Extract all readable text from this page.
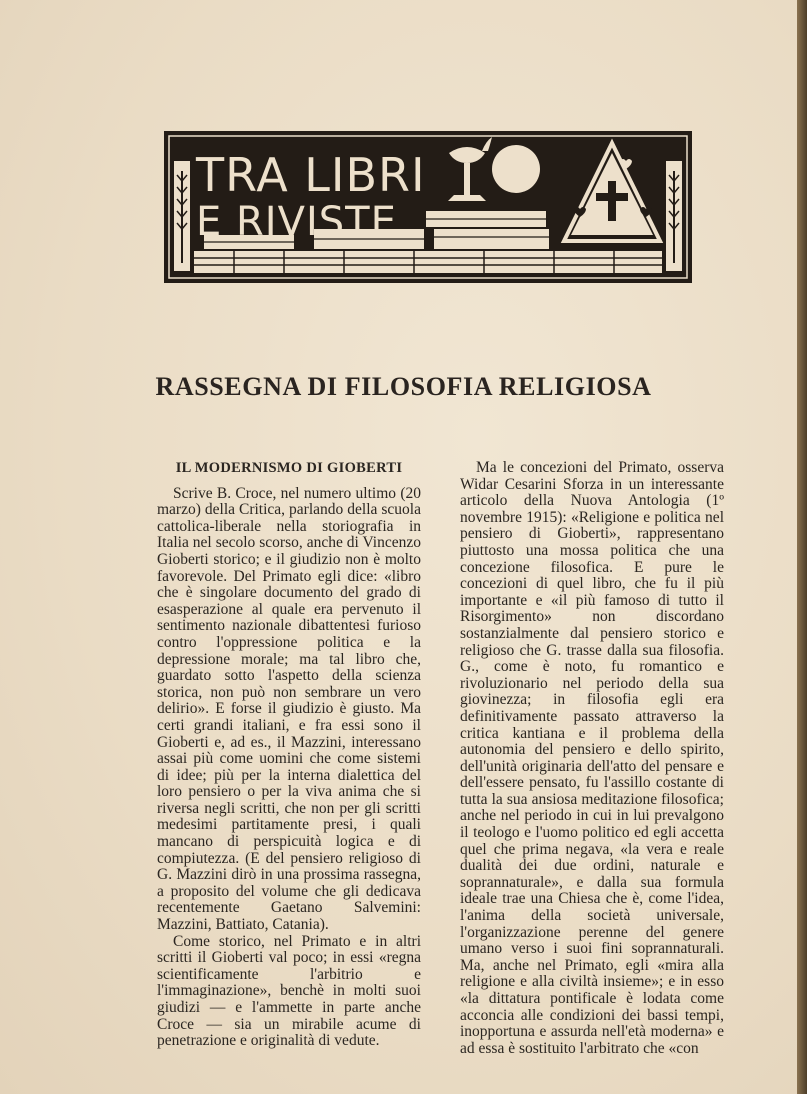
TRA LIBRI
E RIVISTE
RASSEGNA DI FILOSOFIA RELIGIOSA
IL MODERNISMO DI GIOBERTI

Scrive B. Croce, nel numero ultimo (20 marzo) della Critica, parlando della scuola cattolica-liberale nella storiografia in Italia nel secolo scorso, anche di Vincenzo Gioberti storico; e il giudizio non è molto favorevole. Del Primato egli dice: «libro che è singolare documento del grado di esasperazione al quale era pervenuto il sentimento nazionale dibattentesi furioso contro l'oppressione politica e la depressione morale; ma tal libro che, guardato sotto l'aspetto della scienza storica, non può non sembrare un vero delirio». E forse il giudizio è giusto. Ma certi grandi italiani, e fra essi sono il Gioberti e, ad es., il Mazzini, interessano assai più come uomini che come sistemi di idee; più per la interna dialettica del loro pensiero o per la viva anima che si riversa negli scritti, che non per gli scritti medesimi partitamente presi, i quali mancano di perspicuità logica e di compiutezza. (E del pensiero religioso di G. Mazzini dirò in una prossima rassegna, a proposito del volume che gli dedicava recentemente Gaetano Salvemini: Mazzini, Battiato, Catania).

Come storico, nel Primato e in altri scritti il Gioberti val poco; in essi «regna scientificamente l'arbitrio e l'immaginazione», benchè in molti suoi giudizi — e l'ammette in parte anche Croce — sia un mirabile acume di penetrazione e originalità di vedute.

Ma le concezioni del Primato, osserva Widar Cesarini Sforza in un interessante articolo della Nuova Antologia (1º novembre 1915): «Religione e politica nel pensiero di Gioberti», rappresentano piuttosto una mossa politica che una concezione filosofica. E pure le concezioni di quel libro, che fu il più importante e «il più famoso di tutto il Risorgimento» non discordano sostanzialmente dal pensiero storico e religioso che G. trasse dalla sua filosofia. G., come è noto, fu romantico e rivoluzionario nel periodo della sua giovinezza; in filosofia egli era definitivamente passato attraverso la critica kantiana e il problema della autonomia del pensiero e dello spirito, dell'unità originaria dell'atto del pensare e dell'essere pensato, fu l'assillo costante di tutta la sua ansiosa meditazione filosofica; anche nel periodo in cui in lui prevalgono il teologo e l'uomo politico ed egli accetta quel che prima negava, «la vera e reale dualità dei due ordini, naturale e soprannaturale», e dalla sua formula ideale trae una Chiesa che è, come l'idea, l'anima della società universale, l'organizzazione perenne del genere umano verso i suoi fini soprannaturali. Ma, anche nel Primato, egli «mira alla religione e alla civiltà insieme»; e in esso «la dittatura pontificale è lodata come acconcia alle condizioni dei bassi tempi, inopportuna e assurda nell'età moderna» e ad essa è sostituito l'arbitrato che «con
